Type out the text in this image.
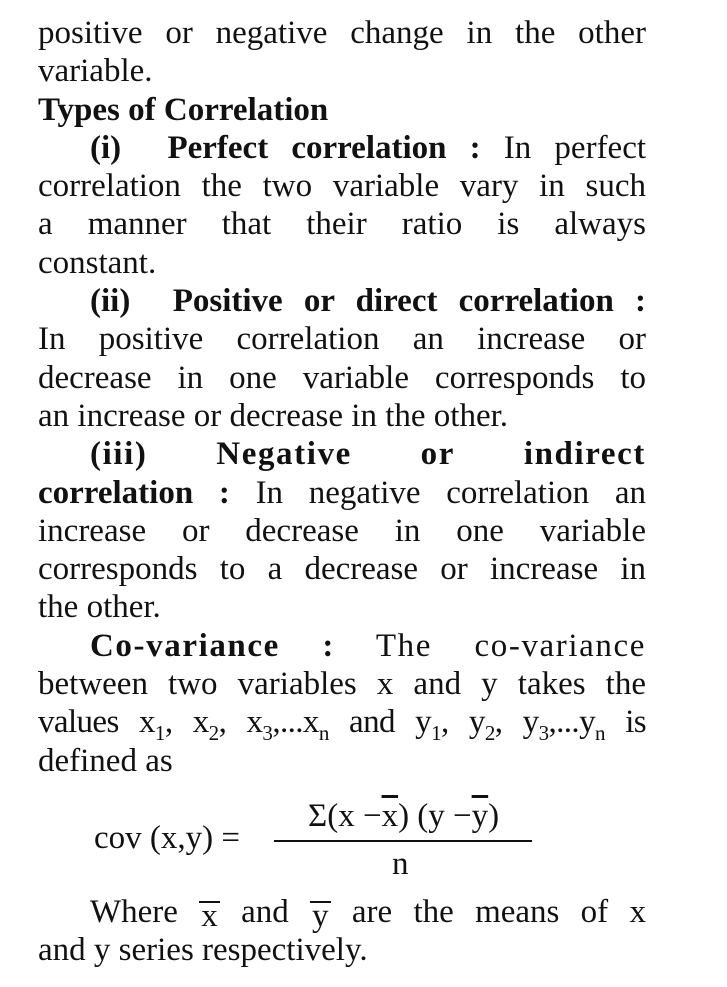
positive or negative change in the other
variable.
Types of Correlation
(i) Perfect correlation : In perfect
correlation the two variable vary in such
a manner that their ratio is always
constant.
(ii) Positive or direct correlation :
In positive correlation an increase or
decrease in one variable corresponds to
an increase or decrease in the other.
(iii) Negative or indirect
correlation : In negative correlation an
increase or decrease in one variable
corresponds to a decrease or increase in
the other.
Co-variance : The co-variance
between two variables x and y takes the
values $x_1$, $x_2$, $x_3,...x_n$ and $y_1$, $y_2$, $y_3,...y_n$ is
defined as
cov (x,y) =
$\Sigma(x -\overline{x})$ $(y -\overline{y})$
n
Where x and y are the means of x
and y series respectively.
